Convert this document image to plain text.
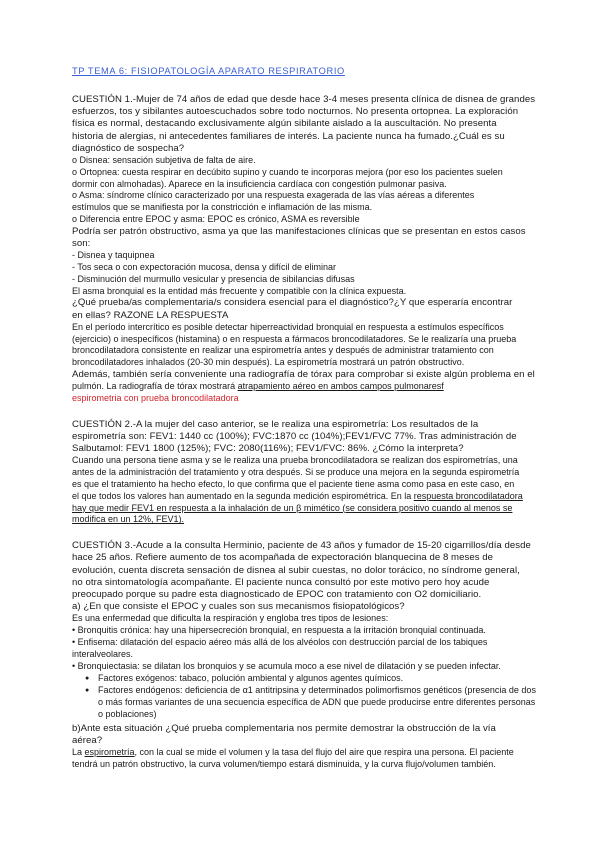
TP TEMA 6: FISIOPATOLOGÍA APARATO RESPIRATORIO

CUESTIÓN 1.-Mujer de 74 años de edad que desde hace 3-4 meses presenta clínica de disnea de grandes

esfuerzos, tos y sibilantes autoescuchados sobre todo nocturnos. No presenta ortopnea. La exploración

física es normal, destacando exclusivamente algún sibilante aislado a la auscultación. No presenta

historia de alergias, ni antecedentes familiares de interés. La paciente nunca ha fumado.¿Cuál es su

diagnóstico de sospecha?

o Disnea: sensación subjetiva de falta de aire.

o Ortopnea: cuesta respirar en decúbito supino y cuando te incorporas mejora (por eso los pacientes suelen

dormir con almohadas). Aparece en la insuficiencia cardíaca con congestión pulmonar pasiva.

o Asma: síndrome clínico caracterizado por una respuesta exagerada de las vías aéreas a diferentes

estímulos que se manifiesta por la constricción e inflamación de las misma.

o Diferencia entre EPOC y asma: EPOC es crónico, ASMA es reversible

Podría ser patrón obstructivo, asma ya que las manifestaciones clínicas que se presentan en estos casos

son:

- Disnea y taquipnea

- Tos seca o con expectoración mucosa, densa y difícil de eliminar

- Disminución del murmullo vesicular y presencia de sibilancias difusas

El asma bronquial es la entidad más frecuente y compatible con la clínica expuesta.

¿Qué prueba/as complementaria/s considera esencial para el diagnóstico?¿Y que esperaría encontrar

en ellas? RAZONE LA RESPUESTA

En el período intercrítico es posible detectar hiperreactividad bronquial en respuesta a estímulos específicos

(ejercicio) o inespecíficos (histamina) o en respuesta a fármacos broncodilatadores. Se le realizaría una prueba

broncodilatadora consistente en realizar una espirometría antes y después de administrar tratamiento con

broncodilatadores inhalados (20-30 min después). La espirometría mostrará un patrón obstructivo.

Además, también sería conveniente una radiografía de tórax para comprobar si existe algún problema en el

pulmón. La radiografía de tórax mostrará atrapamiento aéreo en ambos campos pulmonaresf

espirometria con prueba broncodilatadora

CUESTIÓN 2.-A la mujer del caso anterior, se le realiza una espirometría: Los resultados de la

espirometría son: FEV1: 1440 cc (100%); FVC:1870 cc (104%);FEV1/FVC 77%. Tras administración de

Salbutamol: FEV1 1800 (125%); FVC: 2080(116%); FEV1/FVC: 86%. ¿Cómo la interpreta?

Cuando una persona tiene asma y se le realiza una prueba broncodilatadora se realizan dos espirometrías, una

antes de la administración del tratamiento y otra después. Si se produce una mejora en la segunda espirometría

es que el tratamiento ha hecho efecto, lo que confirma que el paciente tiene asma como pasa en este caso, en

el que todos los valores han aumentado en la segunda medición espirométrica. En la respuesta broncodilatadora

hay que medir FEV1 en respuesta a la inhalación de un β mimético (se considera positivo cuando al menos se

modifica en un 12%, FEV1).

CUESTIÓN 3.-Acude a la consulta Herminio, paciente de 43 años y fumador de 15-20 cigarrillos/día desde

hace 25 años. Refiere aumento de tos acompañada de expectoración blanquecina de 8 meses de

evolución, cuenta discreta sensación de disnea al subir cuestas, no dolor torácico, no síndrome general,

no otra sintomatología acompañante. El paciente nunca consultó por este motivo pero hoy acude

preocupado porque su padre esta diagnosticado de EPOC con tratamiento con O2 domiciliario.

a) ¿En que consiste el EPOC y cuales son sus mecanismos fisiopatológicos?

Es una enfermedad que dificulta la respiración y engloba tres tipos de lesiones:

• Bronquitis crónica: hay una hipersecreción bronquial, en respuesta a la irritación bronquial continuada.

• Enfisema: dilatación del espacio aéreo más allá de los alvéolos con destrucción parcial de los tabiques

interalveolares.

• Bronquiectasia: se dilatan los bronquios y se acumula moco a ese nivel de dilatación y se pueden infectar.

● Factores exógenos: tabaco, polución ambiental y algunos agentes químicos.
● Factores endógenos: deficiencia de α1 antitripsina y determinados polimorfismos genéticos (presencia de dos o más formas variantes de una secuencia específica de ADN que puede producirse entre diferentes personas o poblaciones)

b)Ante esta situación ¿Qué prueba complementaria nos permite demostrar la obstrucción de la vía

aérea?

La espirometría, con la cual se mide el volumen y la tasa del flujo del aire que respira una persona. El paciente

tendrá un patrón obstructivo, la curva volumen/tiempo estará disminuida, y la curva flujo/volumen también.
